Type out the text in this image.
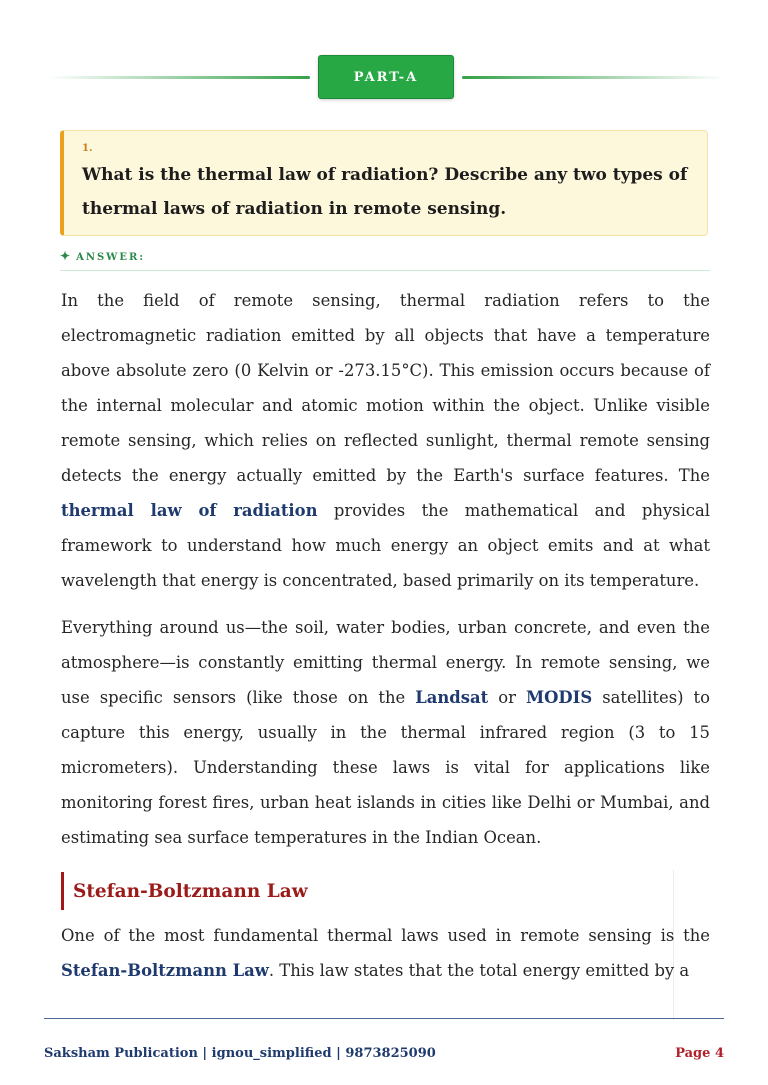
PART-A

1.

What is the thermal law of radiation? Describe any two types of thermal laws of radiation in remote sensing.

✦ ANSWER:

In the field of remote sensing, thermal radiation refers to the electromagnetic radiation emitted by all objects that have a temperature above absolute zero (0 Kelvin or -273.15°C). This emission occurs because of the internal molecular and atomic motion within the object. Unlike visible remote sensing, which relies on reflected sunlight, thermal remote sensing detects the energy actually emitted by the Earth's surface features. The thermal law of radiation provides the mathematical and physical framework to understand how much energy an object emits and at what wavelength that energy is concentrated, based primarily on its temperature.

Everything around us—the soil, water bodies, urban concrete, and even the atmosphere—is constantly emitting thermal energy. In remote sensing, we use specific sensors (like those on the Landsat or MODIS satellites) to capture this energy, usually in the thermal infrared region (3 to 15 micrometers). Understanding these laws is vital for applications like monitoring forest fires, urban heat islands in cities like Delhi or Mumbai, and estimating sea surface temperatures in the Indian Ocean.

Stefan-Boltzmann Law

One of the most fundamental thermal laws used in remote sensing is the Stefan-Boltzmann Law. This law states that the total energy emitted by a

Saksham Publication | ignou_simplified | 9873825090	Page 4
